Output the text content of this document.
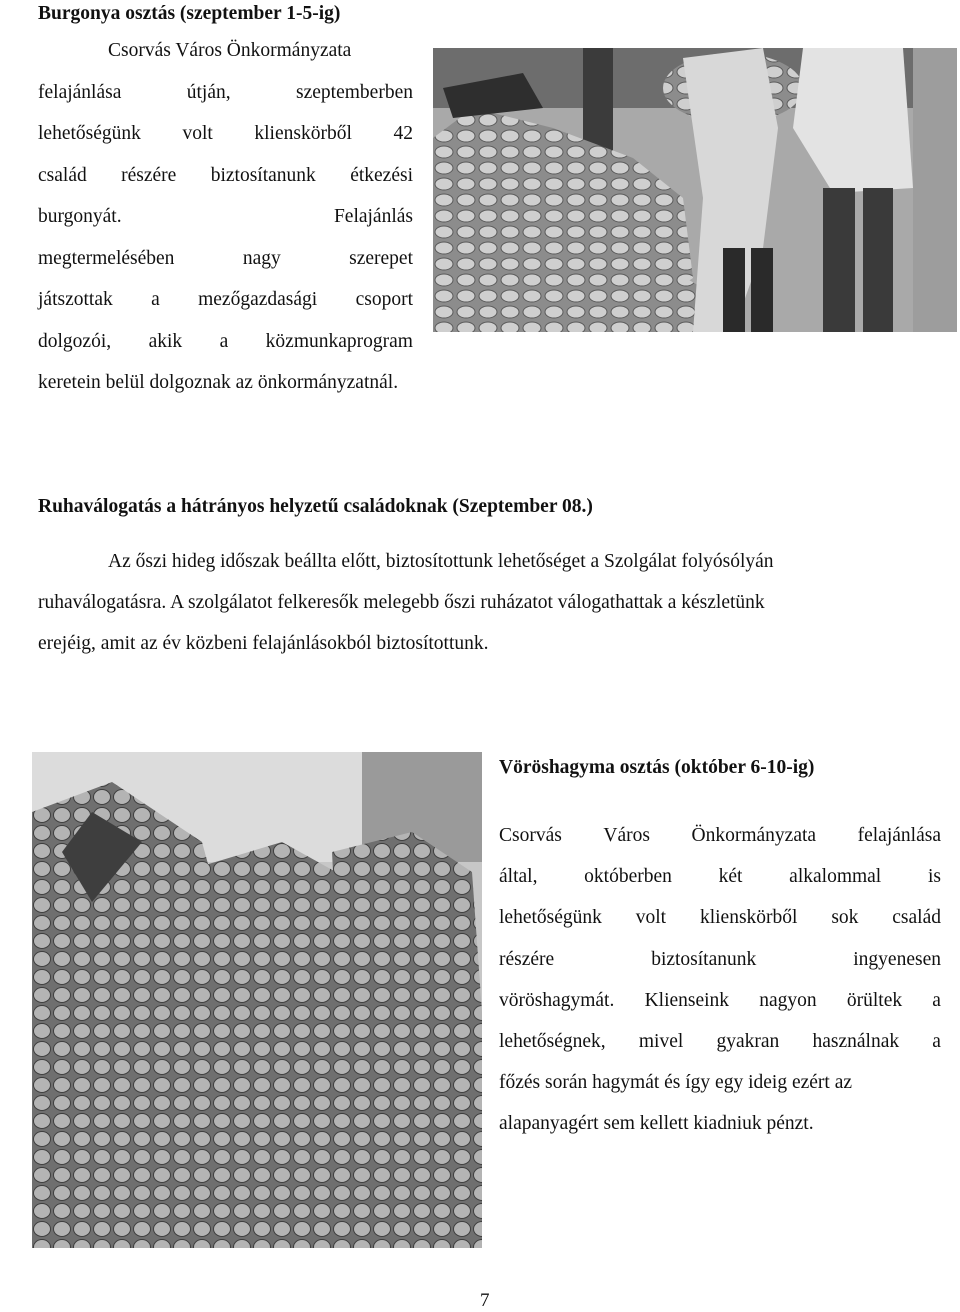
Burgonya osztás (szeptember 1-5-ig)
Csorvás Város Önkormányzata
felajánlása	útján,	szeptemberben
lehetőségünk volt klienskörből 42
család részére biztosítanunk étkezési
burgonyát.	Felajánlás
megtermelésében	nagy	szerepet
játszottak a mezőgazdasági csoport
dolgozói, akik a közmunkaprogram
keretein belül dolgoznak az önkormányzatnál.
Ruhaválogatás a hátrányos helyzetű családoknak (Szeptember 08.)
Az őszi hideg időszak beállta előtt, biztosítottunk lehetőséget a Szolgálat folyósólyán
ruhaválogatásra. A szolgálatot felkeresők melegebb őszi ruházatot válogathattak a készletünk
erejéig, amit az év közbeni felajánlásokból biztosítottunk.
Vöröshagyma osztás (október 6-10-ig)
Csorvás Város Önkormányzata felajánlása
által, októberben két alkalommal is
lehetőségünk volt klienskörből sok család
részére	biztosítanunk	ingyenesen
vöröshagymát. Klienseink nagyon örültek a
lehetőségnek, mivel gyakran használnak a
főzés során hagymát és így egy ideig ezért az
alapanyagért sem kellett kiadniuk pénzt.
7
